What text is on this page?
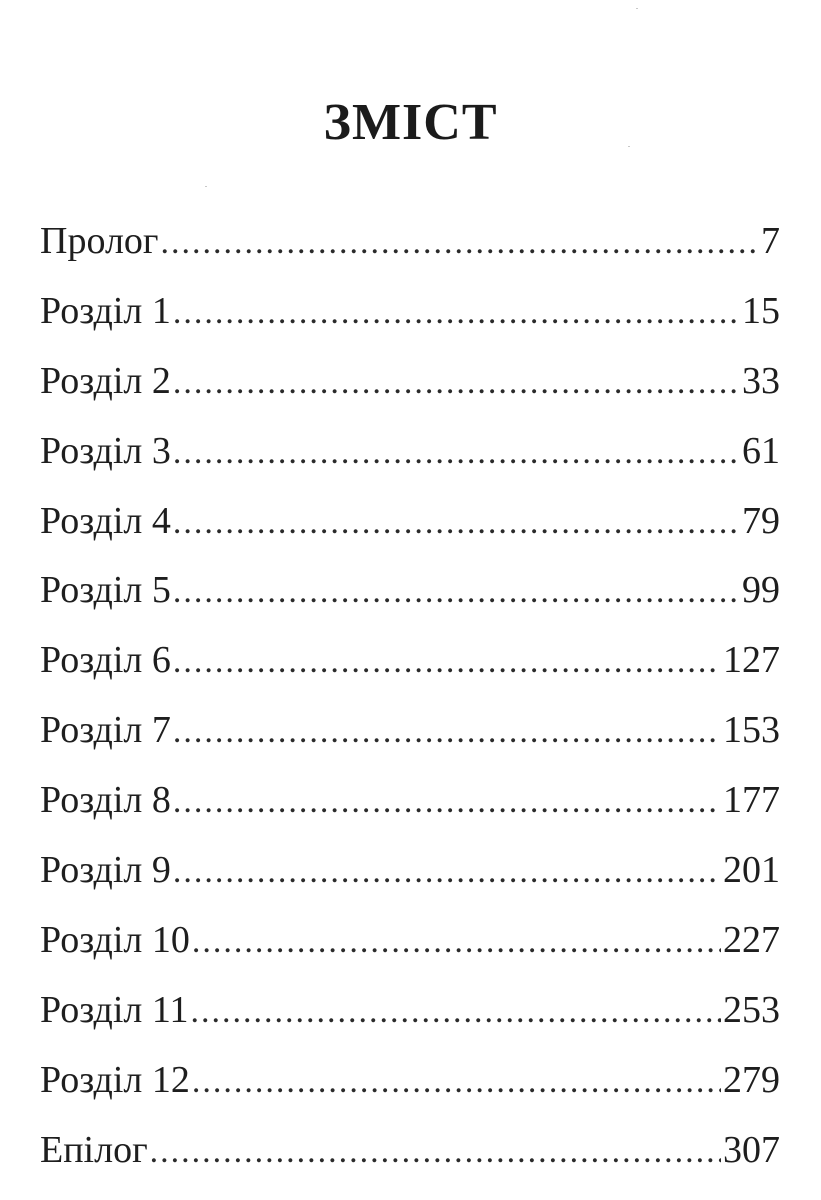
ЗМІСТ
Пролог .....	7
Розділ 1 .....	15
Розділ 2 .....	33
Розділ 3 .....	61
Розділ 4 .....	79
Розділ 5 .....	99
Розділ 6 .....	127
Розділ 7 .....	153
Розділ 8 .....	177
Розділ 9 .....	201
Розділ 10 .....	227
Розділ 11 .....	253
Розділ 12 .....	279
Епілог .....	307
